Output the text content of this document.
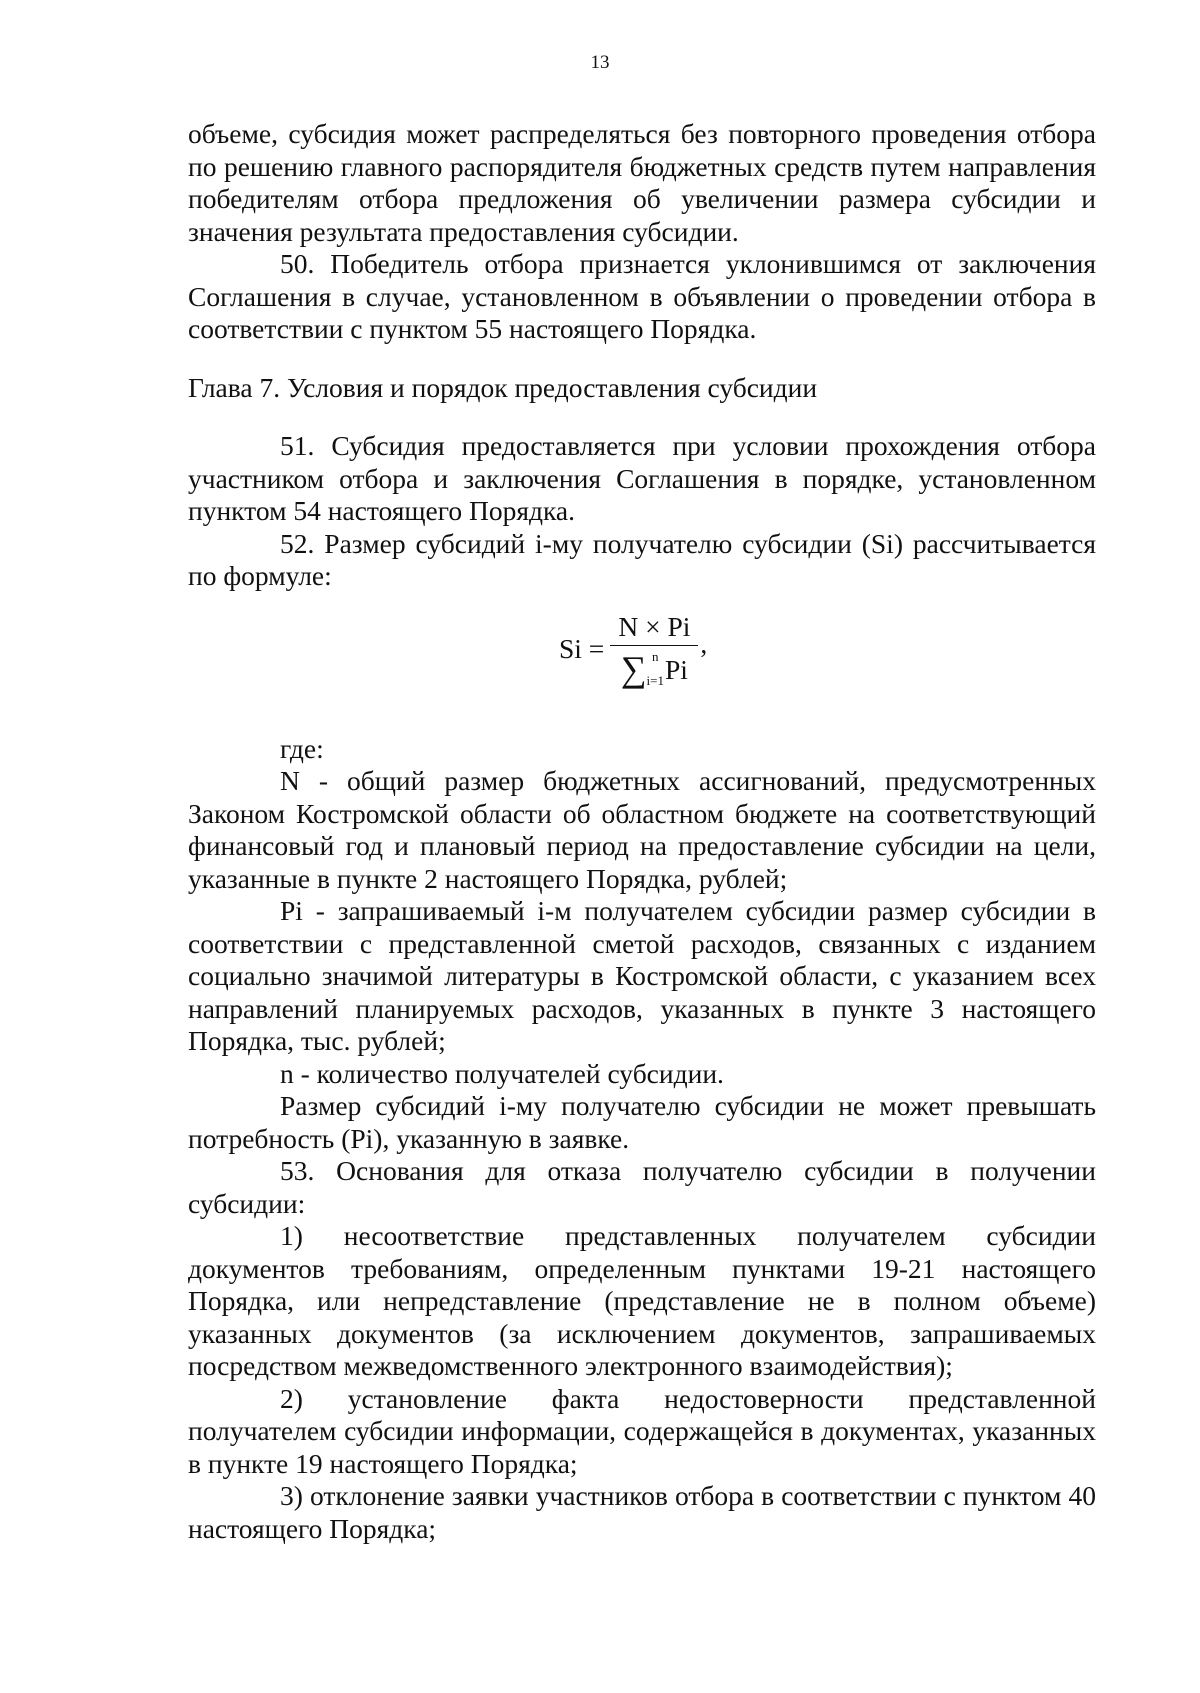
13

объеме, субсидия может распределяться без повторного проведения отбора по решению главного распорядителя бюджетных средств путем направления победителям отбора предложения об увеличении размера субсидии и значения результата предоставления субсидии.

50. Победитель отбора признается уклонившимся от заключения Соглашения в случае, установленном в объявлении о проведении отбора в соответствии с пунктом 55 настоящего Порядка.

Глава 7. Условия и порядок предоставления субсидии

51. Субсидия предоставляется при условии прохождения отбора участником отбора и заключения Соглашения в порядке, установленном пунктом 54 настоящего Порядка.

52. Размер субсидий i-му получателю субсидии (Si) рассчитывается по формуле:

Si =
N × Pi
∑ n
i=1 Pi
,

где:

N - общий размер бюджетных ассигнований, предусмотренных Законом Костромской области об областном бюджете на соответствующий финансовый год и плановый период на предоставление субсидии на цели, указанные в пункте 2 настоящего Порядка, рублей;

Pi - запрашиваемый i-м получателем субсидии размер субсидии в соответствии с представленной сметой расходов, связанных с изданием социально значимой литературы в Костромской области, с указанием всех направлений планируемых расходов, указанных в пункте 3 настоящего Порядка, тыс. рублей;

n - количество получателей субсидии.

Размер субсидий i-му получателю субсидии не может превышать потребность (Pi), указанную в заявке.

53. Основания для отказа получателю субсидии в получении субсидии:

1) несоответствие представленных получателем субсидии документов требованиям, определенным пунктами 19-21 настоящего Порядка, или непредставление (представление не в полном объеме) указанных документов (за исключением документов, запрашиваемых посредством межведомственного электронного взаимодействия);

2) установление факта недостоверности представленной получателем субсидии информации, содержащейся в документах, указанных в пункте 19 настоящего Порядка;

3) отклонение заявки участников отбора в соответствии с пунктом 40 настоящего Порядка;
